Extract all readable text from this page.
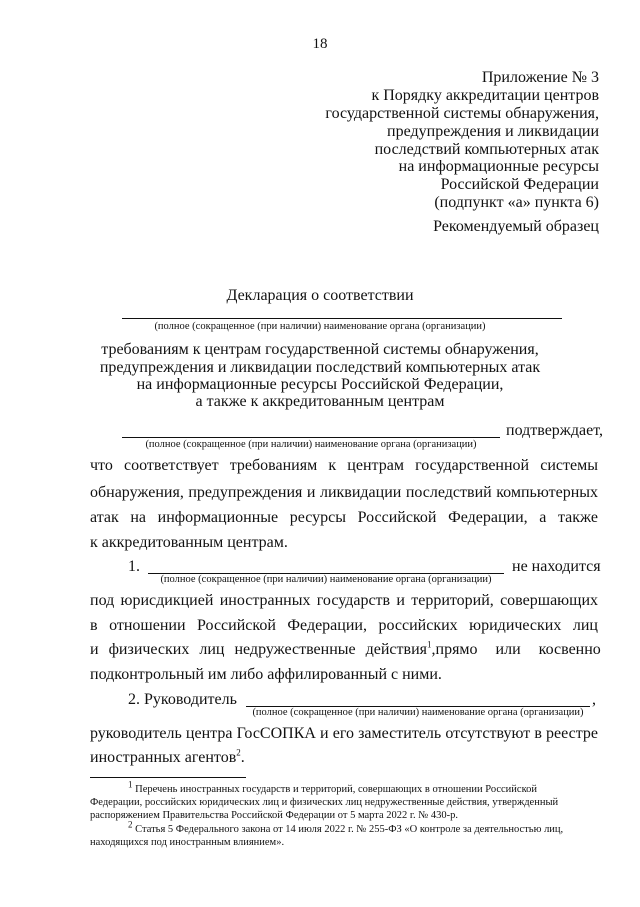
18
Приложение № 3
к Порядку аккредитации центров
государственной системы обнаружения,
предупреждения и ликвидации
последствий компьютерных атак
на информационные ресурсы
Российской Федерации
(подпункт «а» пункта 6)
Рекомендуемый образец
Декларация о соответствии
(полное (сокращенное (при наличии) наименование органа (организации)
требованиям к центрам государственной системы обнаружения,
предупреждения и ликвидации последствий компьютерных атак
на информационные ресурсы Российской Федерации,
а также к аккредитованным центрам
подтверждает,
(полное (сокращенное (при наличии) наименование органа (организации)
что соответствует требованиям к центрам государственной системы
обнаружения, предупреждения и ликвидации последствий компьютерных
атак на информационные ресурсы Российской Федерации, а также
к аккредитованным центрам.
1.	не находится
(полное (сокращенное (при наличии) наименование органа (организации)
под юрисдикцией иностранных государств и территорий, совершающих
в отношении Российской Федерации, российских юридических лиц
и физических лиц недружественные действия$^1$, прямо или косвенно
подконтрольный им либо аффилированный с ними.
2. Руководитель	,
(полное (сокращенное (при наличии) наименование органа (организации)
руководитель центра ГосСОПКА и его заместитель отсутствуют в реестре
иностранных агентов$^2$.
$^1$ Перечень иностранных государств и территорий, совершающих в отношении Российской
Федерации, российских юридических лиц и физических лиц недружественные действия, утвержденный
распоряжением Правительства Российской Федерации от 5 марта 2022 г. № 430-р.
$^2$ Статья 5 Федерального закона от 14 июля 2022 г. № 255-ФЗ «О контроле за деятельностью лиц,
находящихся под иностранным влиянием».
